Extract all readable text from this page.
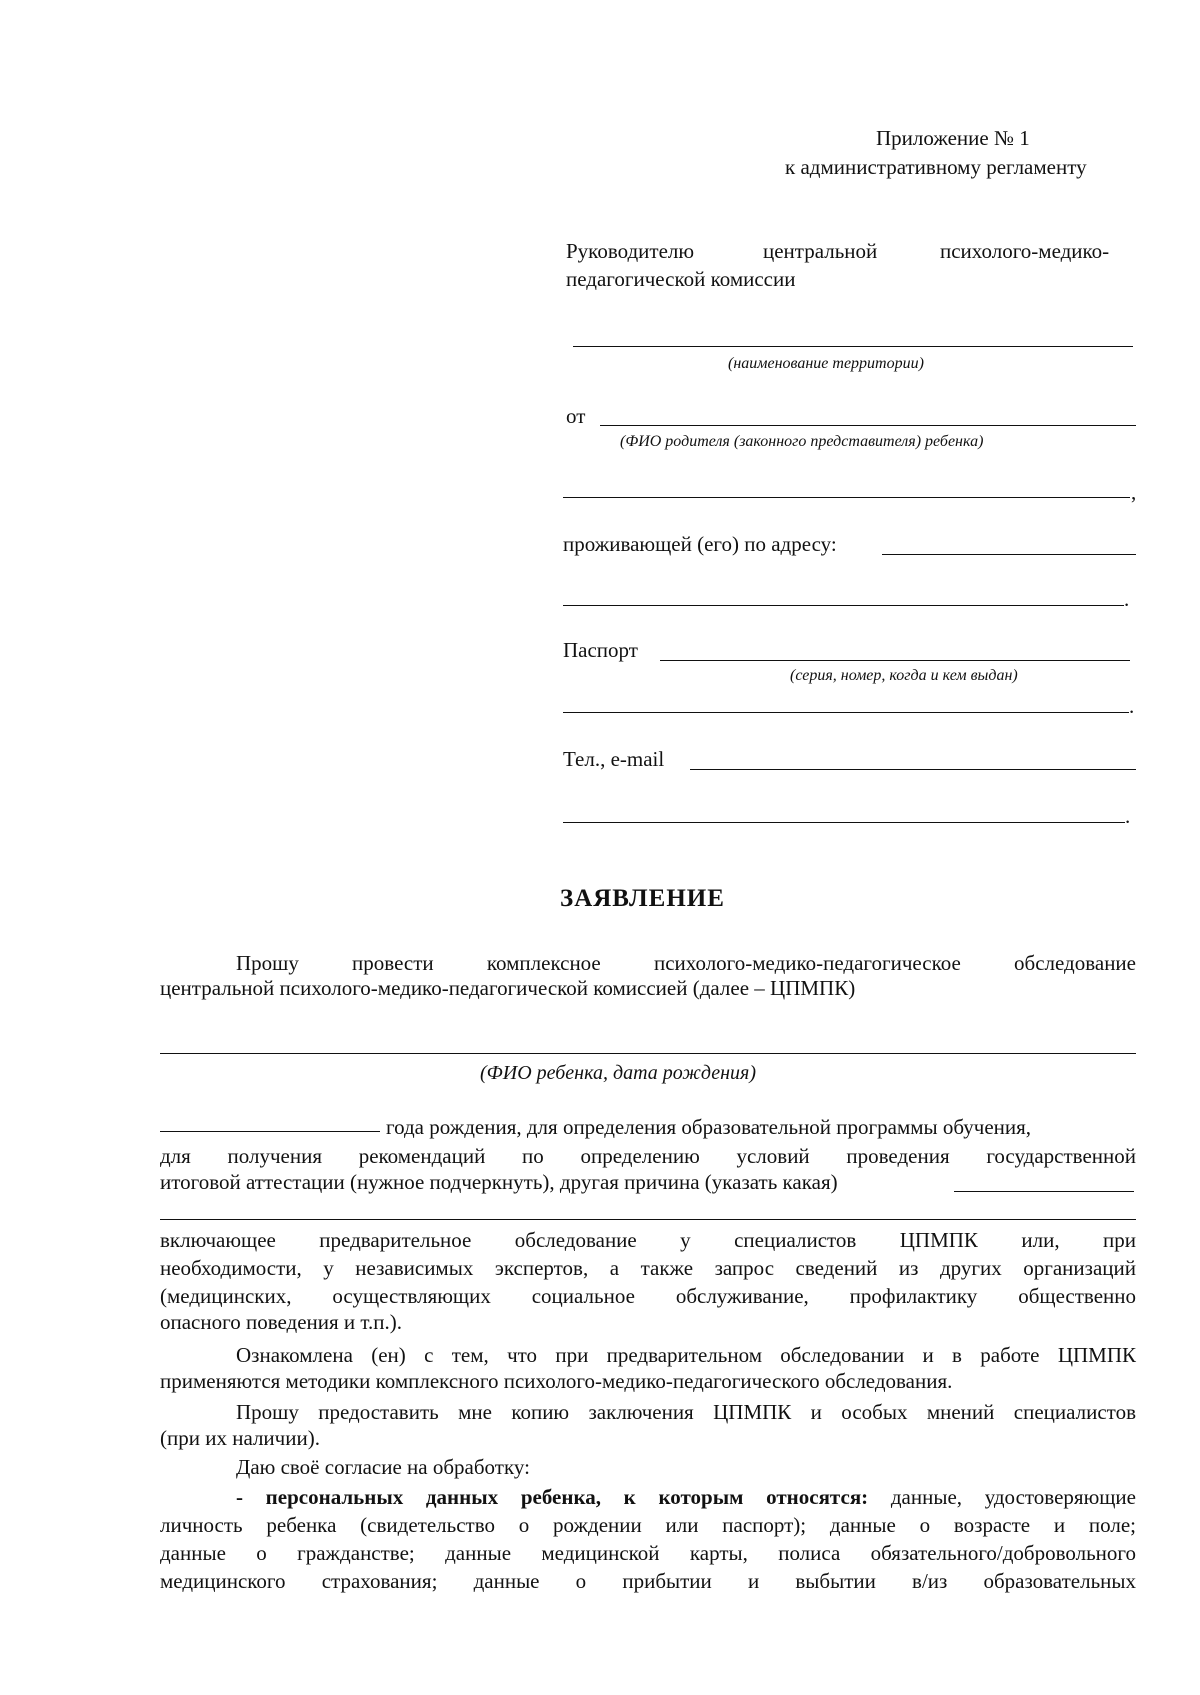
Приложение № 1
к административному регламенту
Руководителю	центральной	психолого-медико-
педагогической комиссии
(наименование территории)
от
(ФИО родителя (законного представителя) ребенка)
,
проживающей (его) по адресу:
.
Паспорт
(серия, номер, когда и кем выдан)
.
Тел., e-mail
.
ЗАЯВЛЕНИЕ
Прошу провести комплексное психолого-медико-педагогическое обследование
центральной психолого-медико-педагогической комиссией (далее – ЦПМПК)
(ФИО ребенка, дата рождения)
года рождения, для определения образовательной программы обучения,
для получения рекомендаций по определению условий проведения государственной
итоговой аттестации (нужное подчеркнуть), другая причина (указать какая)
включающее предварительное обследование у специалистов ЦПМПК или, при
необходимости, у независимых экспертов, а также запрос сведений из других организаций
(медицинских, осуществляющих социальное обслуживание, профилактику общественно
опасного поведения и т.п.).
Ознакомлена (ен) с тем, что при предварительном обследовании и в работе ЦПМПК
применяются методики комплексного психолого-медико-педагогического обследования.
Прошу предоставить мне копию заключения ЦПМПК и особых мнений специалистов
(при их наличии).
Даю своё согласие на обработку:
- персональных данных ребенка, к которым относятся: данные, удостоверяющие
личность ребенка (свидетельство о рождении или паспорт); данные о возрасте и поле;
данные о гражданстве; данные медицинской карты, полиса обязательного/добровольного
медицинского страхования; данные о прибытии и выбытии в/из образовательных
